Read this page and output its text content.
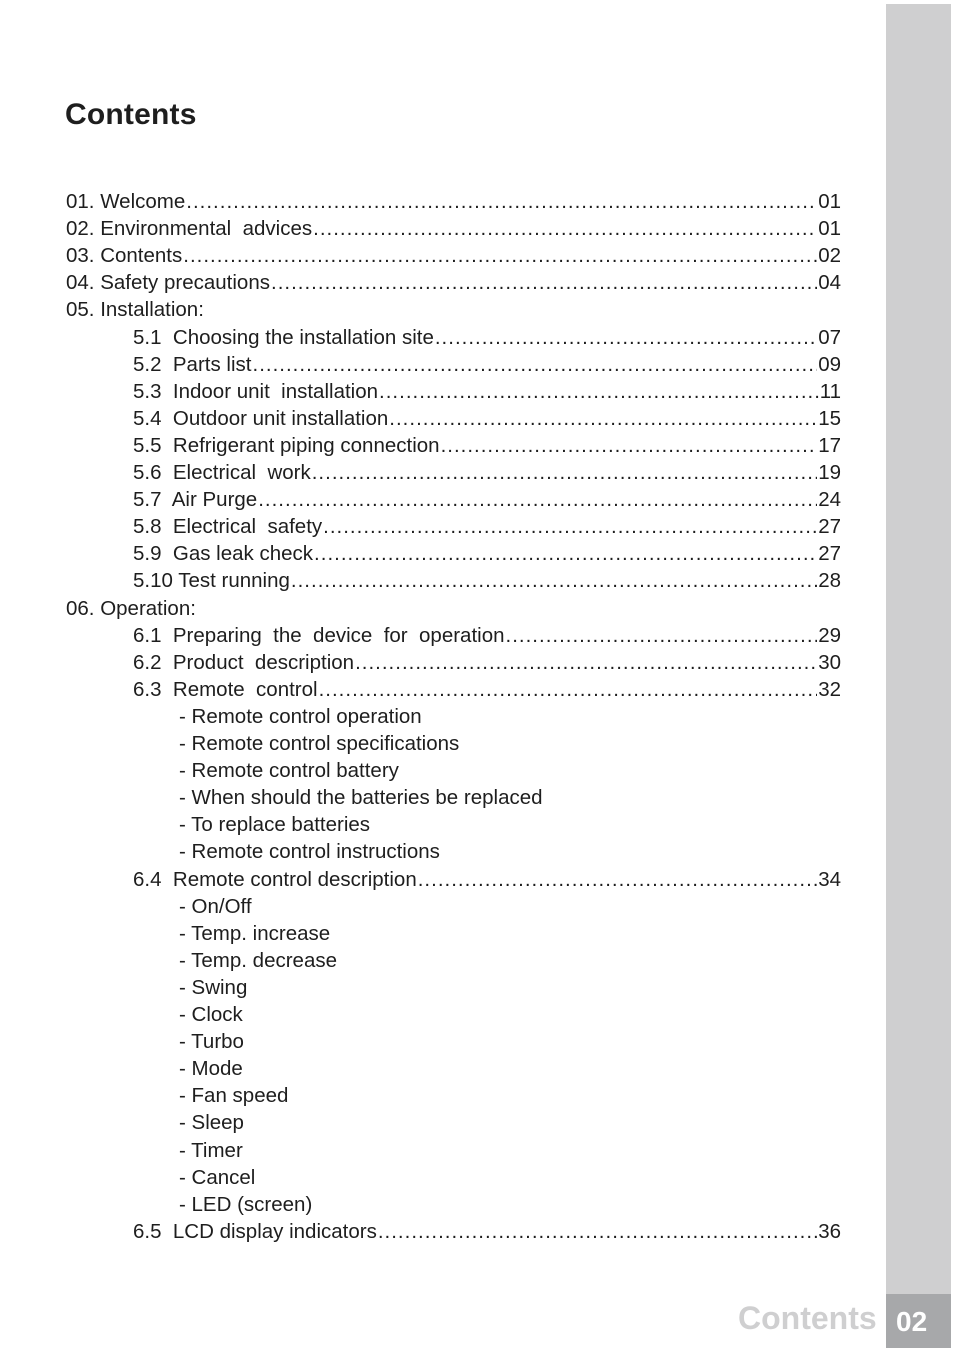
Contents
01. Welcome .....	01
02. Environmental  advices .....	01
03. Contents .....	02
04. Safety precautions .....	04
05. Installation:
5.1  Choosing the installation site .....	07
5.2  Parts list .....	09
5.3  Indoor unit  installation .....	11
5.4  Outdoor unit installation .....	15
5.5  Refrigerant piping connection .....	17
5.6  Electrical  work .....	19
5.7  Air Purge .....	24
5.8  Electrical  safety .....	27
5.9  Gas leak check .....	27
5.10 Test running .....	28
06. Operation:
6.1  Preparing  the  device  for  operation .....	29
6.2  Product  description .....	30
6.3  Remote  control .....	32
- Remote control operation
- Remote control specifications
- Remote control battery
- When should the batteries be replaced
- To replace batteries
- Remote control instructions
6.4  Remote control description .....	34
- On/Off
- Temp. increase
- Temp. decrease
- Swing
- Clock
- Turbo
- Mode
- Fan speed
- Sleep
- Timer
- Cancel
- LED (screen)
6.5  LCD display indicators .....	36
Contents 02
